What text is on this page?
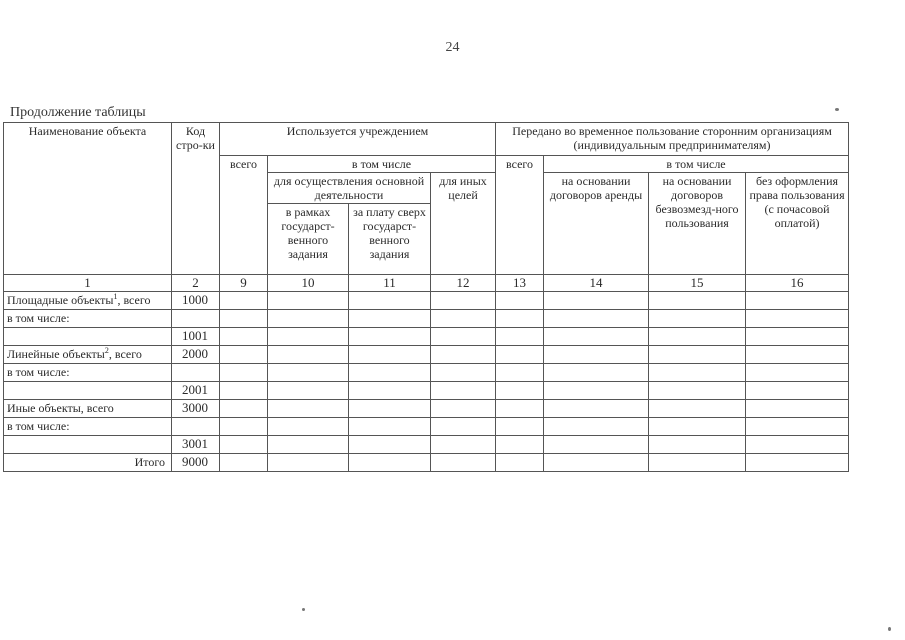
24
Продолжение таблицы
Наименование объекта	Код стро-ки	Используется учреждением				Передано во временное пользование сторонним организациям (индивидуальным предпринимателям)			
		всего	в том числе			всего	в том числе		
			для осуществления основной деятельности		для иных целей		на основании договоров аренды	на основании договоров безвозмезд-ного пользования	без оформления права пользования (с почасовой оплатой)
			в рамках государст-венного задания	за плату сверх государст-венного задания					
1	2	9	10	11	12	13	14	15	16
Площадные объекты$^1$, всего	1000								
в том числе:									
	1001								
Линейные объекты$^2$, всего	2000								
в том числе:									
	2001								
Иные объекты, всего	3000								
в том числе:									
	3001								
Итого	9000								
